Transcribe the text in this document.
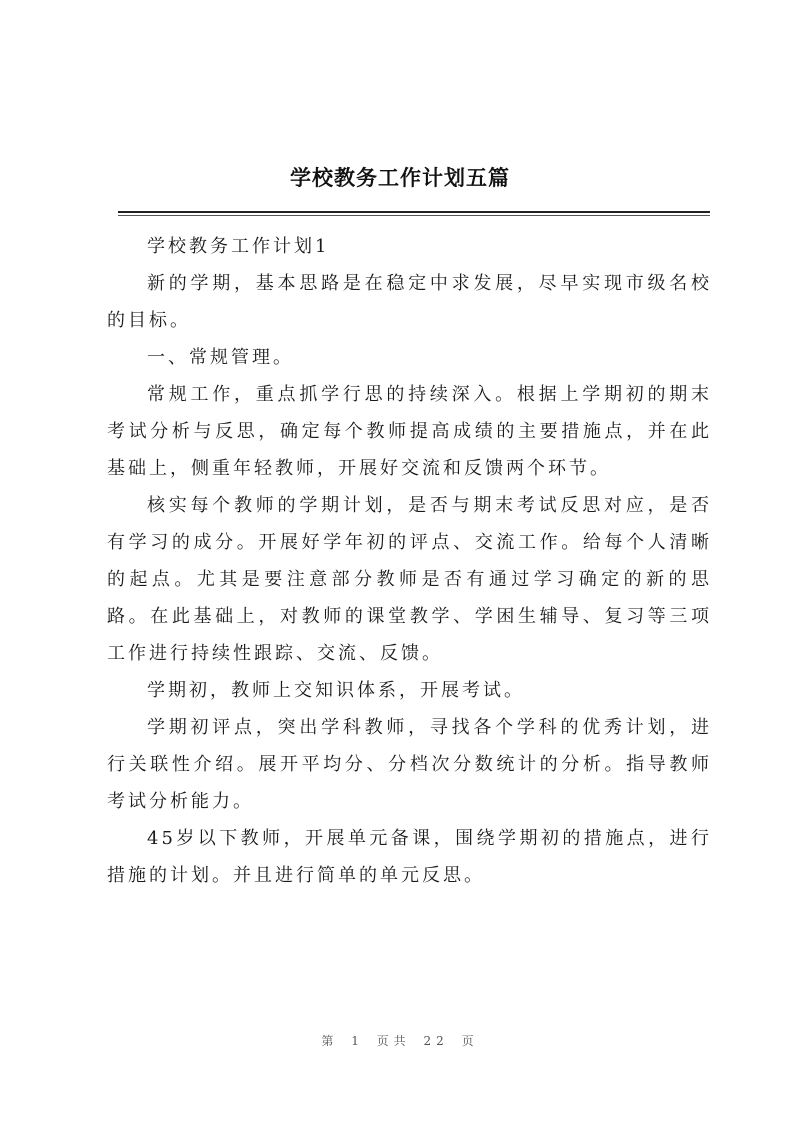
学校教务工作计划五篇

学校教务工作计划1

新的学期，基本思路是在稳定中求发展，尽早实现市级名校的目标。

一、常规管理。

常规工作，重点抓学行思的持续深入。根据上学期初的期末考试分析与反思，确定每个教师提高成绩的主要措施点，并在此基础上，侧重年轻教师，开展好交流和反馈两个环节。

核实每个教师的学期计划，是否与期末考试反思对应，是否有学习的成分。开展好学年初的评点、交流工作。给每个人清晰的起点。尤其是要注意部分教师是否有通过学习确定的新的思路。在此基础上，对教师的课堂教学、学困生辅导、复习等三项工作进行持续性跟踪、交流、反馈。

学期初，教师上交知识体系，开展考试。

学期初评点，突出学科教师，寻找各个学科的优秀计划，进行关联性介绍。展开平均分、分档次分数统计的分析。指导教师考试分析能力。

45岁以下教师，开展单元备课，围绕学期初的措施点，进行措施的计划。并且进行简单的单元反思。

第 1 页共 22 页
